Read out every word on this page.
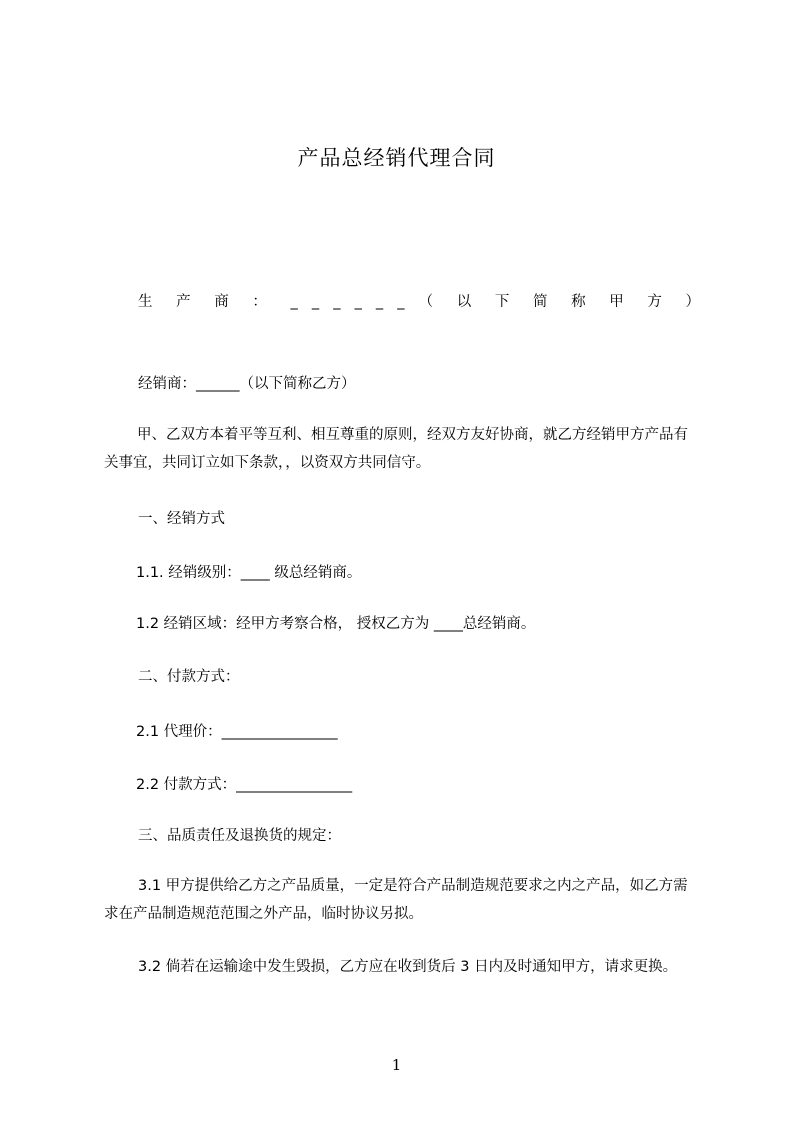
产品总经销代理合同
生 产 商 ： _ _ _ _ _ _ （ 以 下 简 称 甲 方 ）
经销商：______（以下简称乙方）
甲、乙双方本着平等互利、相互尊重的原则，经双方友好协商，就乙方经销甲方产品有关事宜，共同订立如下条款，，以资双方共同信守。
一、经销方式
1.1. 经销级别：____ 级总经销商。
1.2 经销区域：经甲方考察合格， 授权乙方为 ____总经销商。
二、付款方式：
2.1 代理价：________________
2.2 付款方式：________________
三、品质责任及退换货的规定：
3.1 甲方提供给乙方之产品质量，一定是符合产品制造规范要求之内之产品，如乙方需求在产品制造规范范围之外产品，临时协议另拟。
3.2 倘若在运输途中发生毁损，乙方应在收到货后 3 日内及时通知甲方，请求更换。
1
